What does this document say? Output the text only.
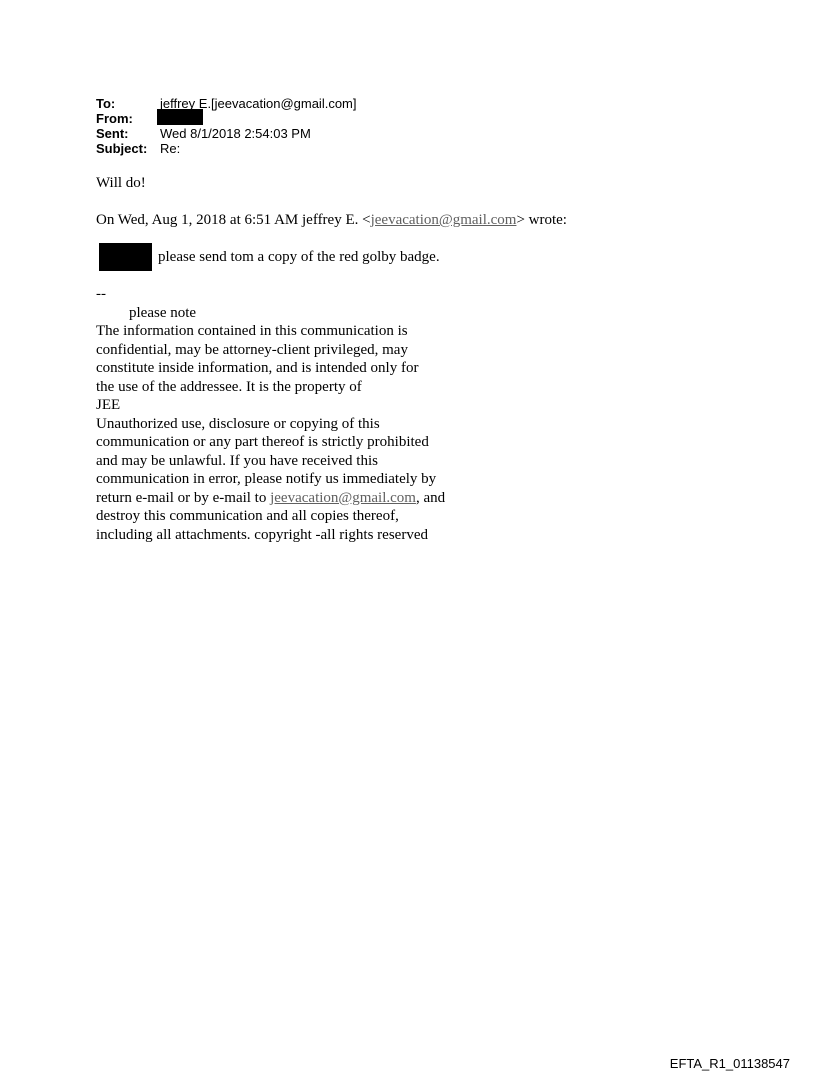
To:	jeffrey E.[jeevacation@gmail.com]
From:
Sent:	Wed 8/1/2018 2:54:03 PM
Subject: Re:
Will do!
On Wed, Aug 1, 2018 at 6:51 AM jeffrey E. <jeevacation@gmail.com> wrote:
please send tom a copy of the red golby badge.
--
please note
The information contained in this communication is
confidential, may be attorney-client privileged, may
constitute inside information, and is intended only for
the use of the addressee. It is the property of
JEE
Unauthorized use, disclosure or copying of this
communication or any part thereof is strictly prohibited
and may be unlawful. If you have received this
communication in error, please notify us immediately by
return e-mail or by e-mail to jeevacation@gmail.com, and
destroy this communication and all copies thereof,
including all attachments. copyright -all rights reserved
EFTA_R1_01138547
